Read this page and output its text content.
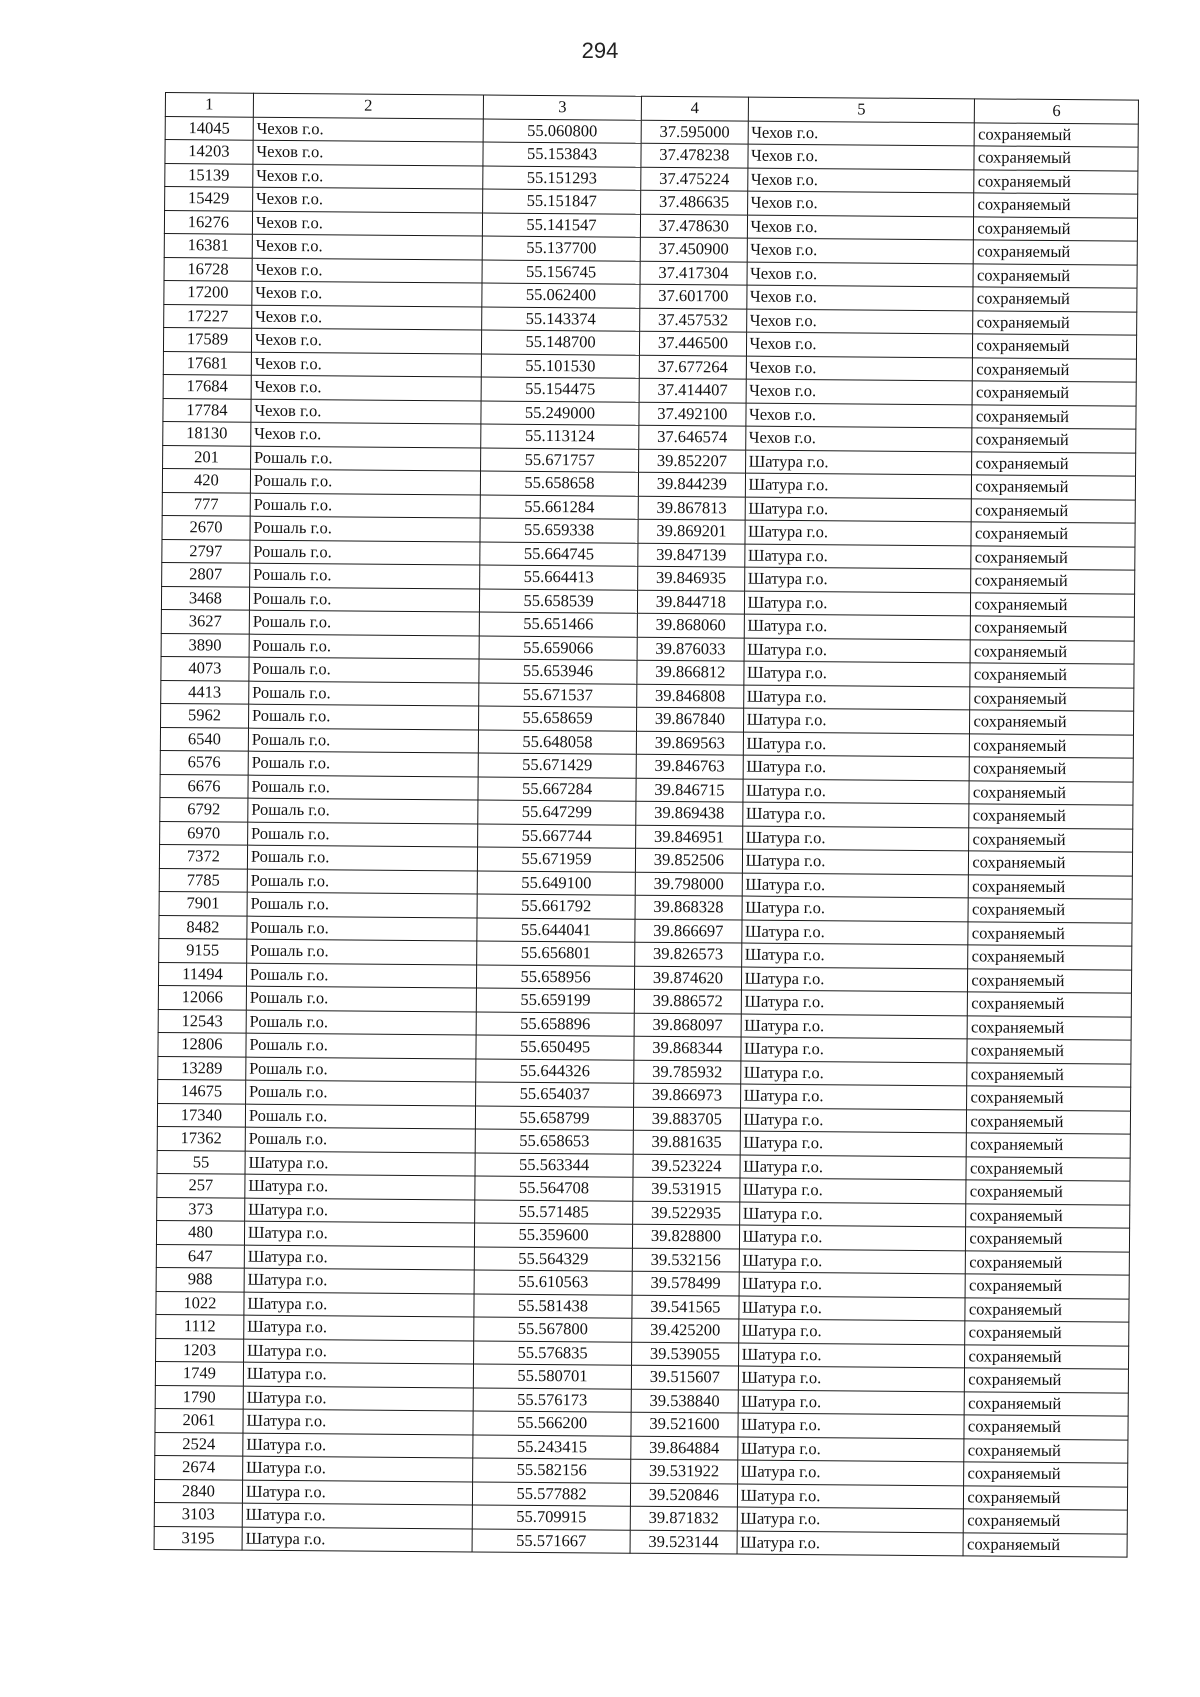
294
1	2	3	4	5	6
14045	Чехов г.о.	55.060800	37.595000	Чехов г.о.	сохраняемый
14203	Чехов г.о.	55.153843	37.478238	Чехов г.о.	сохраняемый
15139	Чехов г.о.	55.151293	37.475224	Чехов г.о.	сохраняемый
15429	Чехов г.о.	55.151847	37.486635	Чехов г.о.	сохраняемый
16276	Чехов г.о.	55.141547	37.478630	Чехов г.о.	сохраняемый
16381	Чехов г.о.	55.137700	37.450900	Чехов г.о.	сохраняемый
16728	Чехов г.о.	55.156745	37.417304	Чехов г.о.	сохраняемый
17200	Чехов г.о.	55.062400	37.601700	Чехов г.о.	сохраняемый
17227	Чехов г.о.	55.143374	37.457532	Чехов г.о.	сохраняемый
17589	Чехов г.о.	55.148700	37.446500	Чехов г.о.	сохраняемый
17681	Чехов г.о.	55.101530	37.677264	Чехов г.о.	сохраняемый
17684	Чехов г.о.	55.154475	37.414407	Чехов г.о.	сохраняемый
17784	Чехов г.о.	55.249000	37.492100	Чехов г.о.	сохраняемый
18130	Чехов г.о.	55.113124	37.646574	Чехов г.о.	сохраняемый
201	Рошаль г.о.	55.671757	39.852207	Шатура г.о.	сохраняемый
420	Рошаль г.о.	55.658658	39.844239	Шатура г.о.	сохраняемый
777	Рошаль г.о.	55.661284	39.867813	Шатура г.о.	сохраняемый
2670	Рошаль г.о.	55.659338	39.869201	Шатура г.о.	сохраняемый
2797	Рошаль г.о.	55.664745	39.847139	Шатура г.о.	сохраняемый
2807	Рошаль г.о.	55.664413	39.846935	Шатура г.о.	сохраняемый
3468	Рошаль г.о.	55.658539	39.844718	Шатура г.о.	сохраняемый
3627	Рошаль г.о.	55.651466	39.868060	Шатура г.о.	сохраняемый
3890	Рошаль г.о.	55.659066	39.876033	Шатура г.о.	сохраняемый
4073	Рошаль г.о.	55.653946	39.866812	Шатура г.о.	сохраняемый
4413	Рошаль г.о.	55.671537	39.846808	Шатура г.о.	сохраняемый
5962	Рошаль г.о.	55.658659	39.867840	Шатура г.о.	сохраняемый
6540	Рошаль г.о.	55.648058	39.869563	Шатура г.о.	сохраняемый
6576	Рошаль г.о.	55.671429	39.846763	Шатура г.о.	сохраняемый
6676	Рошаль г.о.	55.667284	39.846715	Шатура г.о.	сохраняемый
6792	Рошаль г.о.	55.647299	39.869438	Шатура г.о.	сохраняемый
6970	Рошаль г.о.	55.667744	39.846951	Шатура г.о.	сохраняемый
7372	Рошаль г.о.	55.671959	39.852506	Шатура г.о.	сохраняемый
7785	Рошаль г.о.	55.649100	39.798000	Шатура г.о.	сохраняемый
7901	Рошаль г.о.	55.661792	39.868328	Шатура г.о.	сохраняемый
8482	Рошаль г.о.	55.644041	39.866697	Шатура г.о.	сохраняемый
9155	Рошаль г.о.	55.656801	39.826573	Шатура г.о.	сохраняемый
11494	Рошаль г.о.	55.658956	39.874620	Шатура г.о.	сохраняемый
12066	Рошаль г.о.	55.659199	39.886572	Шатура г.о.	сохраняемый
12543	Рошаль г.о.	55.658896	39.868097	Шатура г.о.	сохраняемый
12806	Рошаль г.о.	55.650495	39.868344	Шатура г.о.	сохраняемый
13289	Рошаль г.о.	55.644326	39.785932	Шатура г.о.	сохраняемый
14675	Рошаль г.о.	55.654037	39.866973	Шатура г.о.	сохраняемый
17340	Рошаль г.о.	55.658799	39.883705	Шатура г.о.	сохраняемый
17362	Рошаль г.о.	55.658653	39.881635	Шатура г.о.	сохраняемый
55	Шатура г.о.	55.563344	39.523224	Шатура г.о.	сохраняемый
257	Шатура г.о.	55.564708	39.531915	Шатура г.о.	сохраняемый
373	Шатура г.о.	55.571485	39.522935	Шатура г.о.	сохраняемый
480	Шатура г.о.	55.359600	39.828800	Шатура г.о.	сохраняемый
647	Шатура г.о.	55.564329	39.532156	Шатура г.о.	сохраняемый
988	Шатура г.о.	55.610563	39.578499	Шатура г.о.	сохраняемый
1022	Шатура г.о.	55.581438	39.541565	Шатура г.о.	сохраняемый
1112	Шатура г.о.	55.567800	39.425200	Шатура г.о.	сохраняемый
1203	Шатура г.о.	55.576835	39.539055	Шатура г.о.	сохраняемый
1749	Шатура г.о.	55.580701	39.515607	Шатура г.о.	сохраняемый
1790	Шатура г.о.	55.576173	39.538840	Шатура г.о.	сохраняемый
2061	Шатура г.о.	55.566200	39.521600	Шатура г.о.	сохраняемый
2524	Шатура г.о.	55.243415	39.864884	Шатура г.о.	сохраняемый
2674	Шатура г.о.	55.582156	39.531922	Шатура г.о.	сохраняемый
2840	Шатура г.о.	55.577882	39.520846	Шатура г.о.	сохраняемый
3103	Шатура г.о.	55.709915	39.871832	Шатура г.о.	сохраняемый
3195	Шатура г.о.	55.571667	39.523144	Шатура г.о.	сохраняемый
